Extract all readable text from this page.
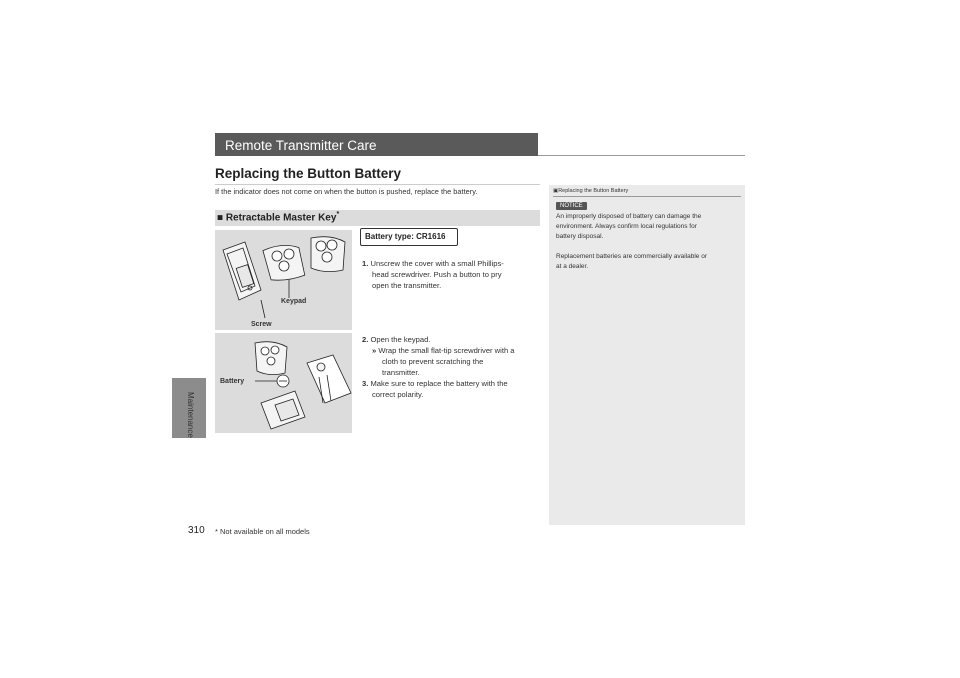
Maintenance
Remote Transmitter Care
Replacing the Button Battery
If the indicator does not come on when the button is pushed, replace the battery.
■ Retractable Master Key*
Keypad
Screw
Battery
Battery type: CR1616
1. Unscrew the cover with a small Phillips-
head screwdriver. Push a button to pry
open the transmitter.
2. Open the keypad.
» Wrap the small flat-tip screwdriver with a
cloth to prevent scratching the
transmitter.
3. Make sure to replace the battery with the
correct polarity.
▣Replacing the Button Battery
NOTICE
An improperly disposed of battery can damage the
environment. Always confirm local regulations for
battery disposal.
Replacement batteries are commercially available or
at a dealer.
310 * Not available on all models
